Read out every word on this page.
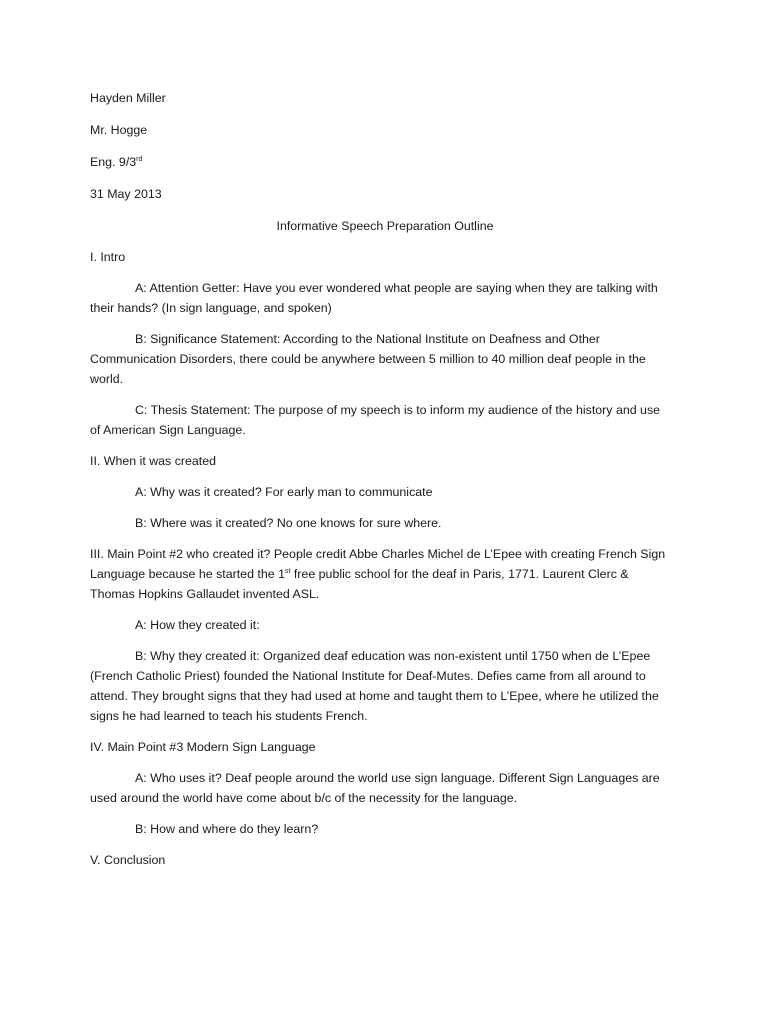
Hayden Miller
Mr. Hogge
Eng. 9/3rd
31 May 2013
Informative Speech Preparation Outline
I. Intro
A: Attention Getter: Have you ever wondered what people are saying when they are talking with
their hands? (In sign language, and spoken)
B: Significance Statement: According to the National Institute on Deafness and Other
Communication Disorders, there could be anywhere between 5 million to 40 million deaf people in the
world.
C: Thesis Statement: The purpose of my speech is to inform my audience of the history and use
of American Sign Language.
II. When it was created
A: Why was it created? For early man to communicate
B: Where was it created? No one knows for sure where.
III. Main Point #2 who created it? People credit Abbe Charles Michel de L’Epee with creating French Sign
Language because he started the 1st free public school for the deaf in Paris, 1771. Laurent Clerc &
Thomas Hopkins Gallaudet invented ASL.
A: How they created it:
B: Why they created it: Organized deaf education was non-existent until 1750 when de L’Epee
(French Catholic Priest) founded the National Institute for Deaf-Mutes. Defies came from all around to
attend. They brought signs that they had used at home and taught them to L’Epee, where he utilized the
signs he had learned to teach his students French.
IV. Main Point #3 Modern Sign Language
A: Who uses it? Deaf people around the world use sign language. Different Sign Languages are
used around the world have come about b/c of the necessity for the language.
B: How and where do they learn?
V. Conclusion
